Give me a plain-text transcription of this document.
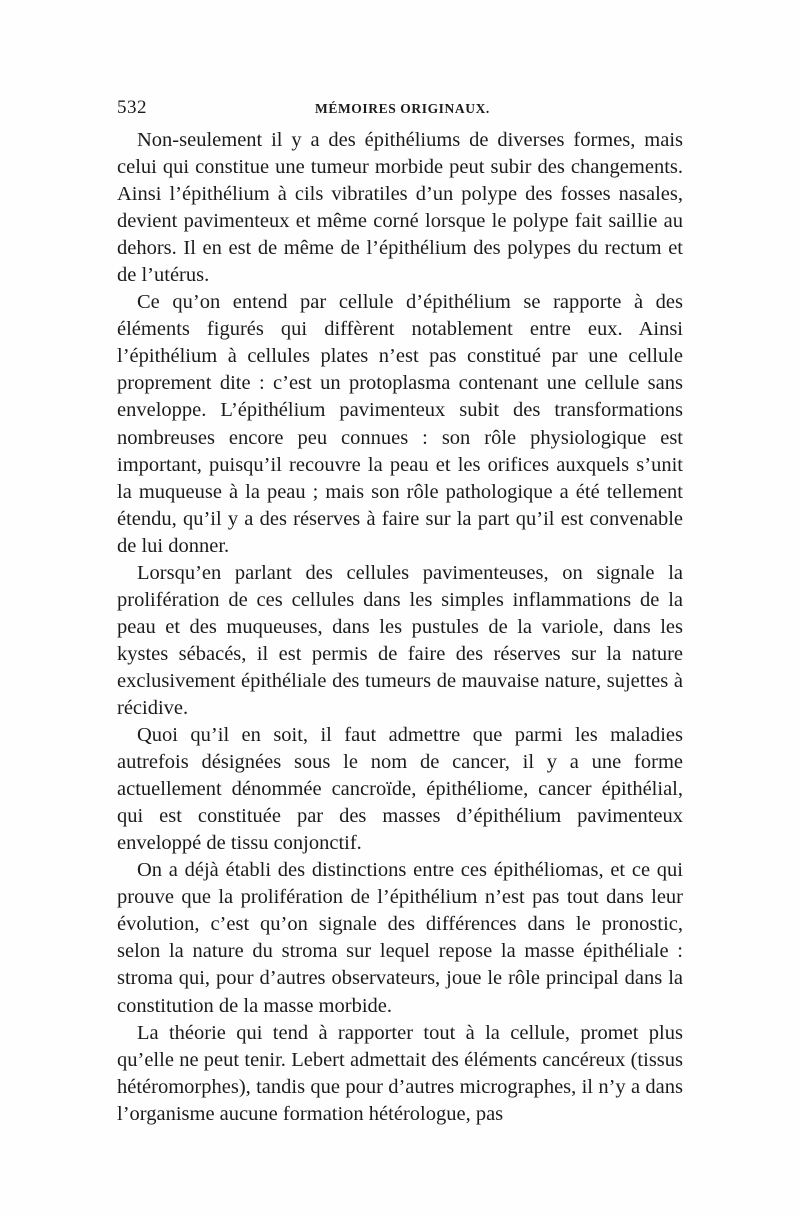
532	MÉMOIRES ORIGINAUX.

Non-seulement il y a des épithéliums de diverses formes, mais celui qui constitue une tumeur morbide peut subir des changements. Ainsi l’épithélium à cils vibratiles d’un polype des fosses nasales, devient pavimenteux et même corné lorsque le polype fait saillie au dehors. Il en est de même de l’épithélium des polypes du rectum et de l’utérus.

Ce qu’on entend par cellule d’épithélium se rapporte à des éléments figurés qui diffèrent notablement entre eux. Ainsi l’épithélium à cellules plates n’est pas constitué par une cellule proprement dite : c’est un protoplasma contenant une cellule sans enveloppe. L’épithélium pavimenteux subit des transformations nombreuses encore peu connues : son rôle physiologique est important, puisqu’il recouvre la peau et les orifices auxquels s’unit la muqueuse à la peau ; mais son rôle pathologique a été tellement étendu, qu’il y a des réserves à faire sur la part qu’il est convenable de lui donner.

Lorsqu’en parlant des cellules pavimenteuses, on signale la prolifération de ces cellules dans les simples inflammations de la peau et des muqueuses, dans les pustules de la variole, dans les kystes sébacés, il est permis de faire des réserves sur la nature exclusivement épithéliale des tumeurs de mauvaise nature, sujettes à récidive.

Quoi qu’il en soit, il faut admettre que parmi les maladies autrefois désignées sous le nom de cancer, il y a une forme actuellement dénommée cancroïde, épithéliome, cancer épithélial, qui est constituée par des masses d’épithélium pavimenteux enveloppé de tissu conjonctif.

On a déjà établi des distinctions entre ces épithéliomas, et ce qui prouve que la prolifération de l’épithélium n’est pas tout dans leur évolution, c’est qu’on signale des différences dans le pronostic, selon la nature du stroma sur lequel repose la masse épithéliale : stroma qui, pour d’autres observateurs, joue le rôle principal dans la constitution de la masse morbide.

La théorie qui tend à rapporter tout à la cellule, promet plus qu’elle ne peut tenir. Lebert admettait des éléments cancéreux (tissus hétéromorphes), tandis que pour d’autres micrographes, il n’y a dans l’organisme aucune formation hétérologue, pas
